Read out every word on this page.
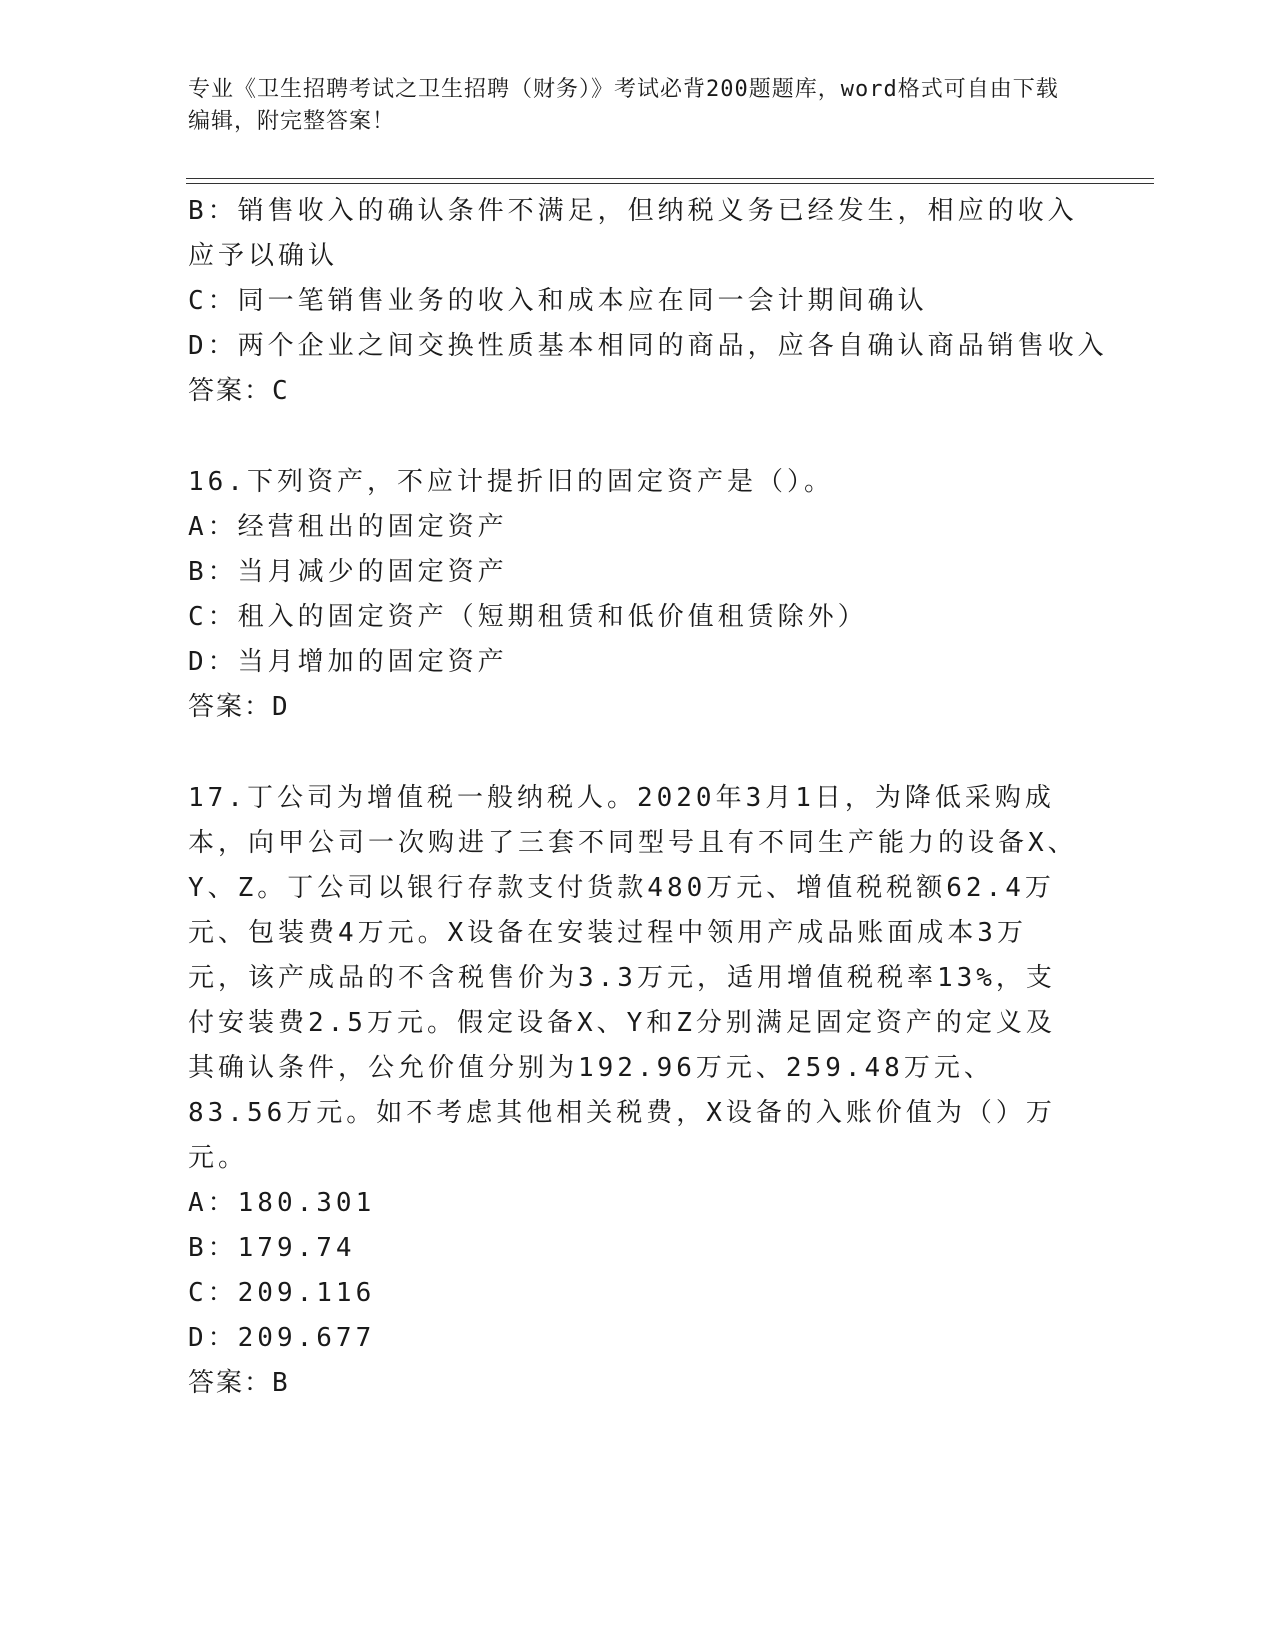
专业《卫生招聘考试之卫生招聘（财务）》考试必背200题题库，word格式可自由下载编辑，附完整答案！
B：销售收入的确认条件不满足，但纳税义务已经发生，相应的收入应予以确认
C：同一笔销售业务的收入和成本应在同一会计期间确认
D：两个企业之间交换性质基本相同的商品，应各自确认商品销售收入
答案：C
16.下列资产，不应计提折旧的固定资产是（）。
A：经营租出的固定资产
B：当月减少的固定资产
C：租入的固定资产（短期租赁和低价值租赁除外）
D：当月增加的固定资产
答案：D
17.丁公司为增值税一般纳税人。2020年3月1日，为降低采购成本，向甲公司一次购进了三套不同型号且有不同生产能力的设备X、Y、Z。丁公司以银行存款支付货款480万元、增值税税额62.4万元、包装费4万元。X设备在安装过程中领用产成品账面成本3万元，该产成品的不含税售价为3.3万元，适用增值税税率13%，支付安装费2.5万元。假定设备X、Y和Z分别满足固定资产的定义及其确认条件，公允价值分别为192.96万元、259.48万元、83.56万元。如不考虑其他相关税费，X设备的入账价值为（）万元。
A：180.301
B：179.74
C：209.116
D：209.677
答案：B
